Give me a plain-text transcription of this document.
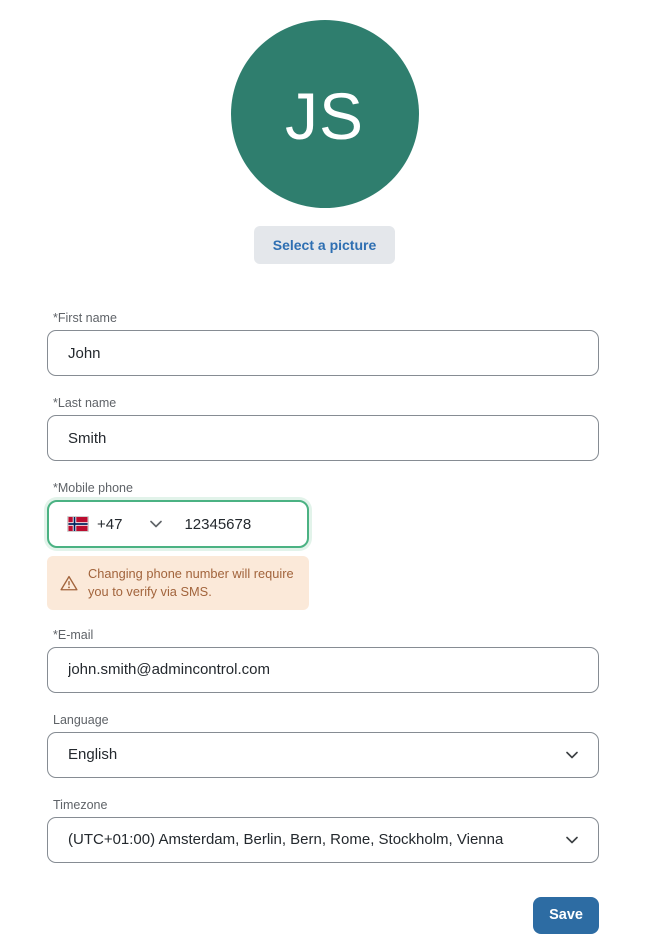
JS
Select a picture
*First name
John
*Last name
Smith
*Mobile phone
+47
12345678
Changing phone number will require you to verify via SMS.
*E-mail
john.smith@admincontrol.com
Language
English
Timezone
(UTC+01:00) Amsterdam, Berlin, Bern, Rome, Stockholm, Vienna
Save
